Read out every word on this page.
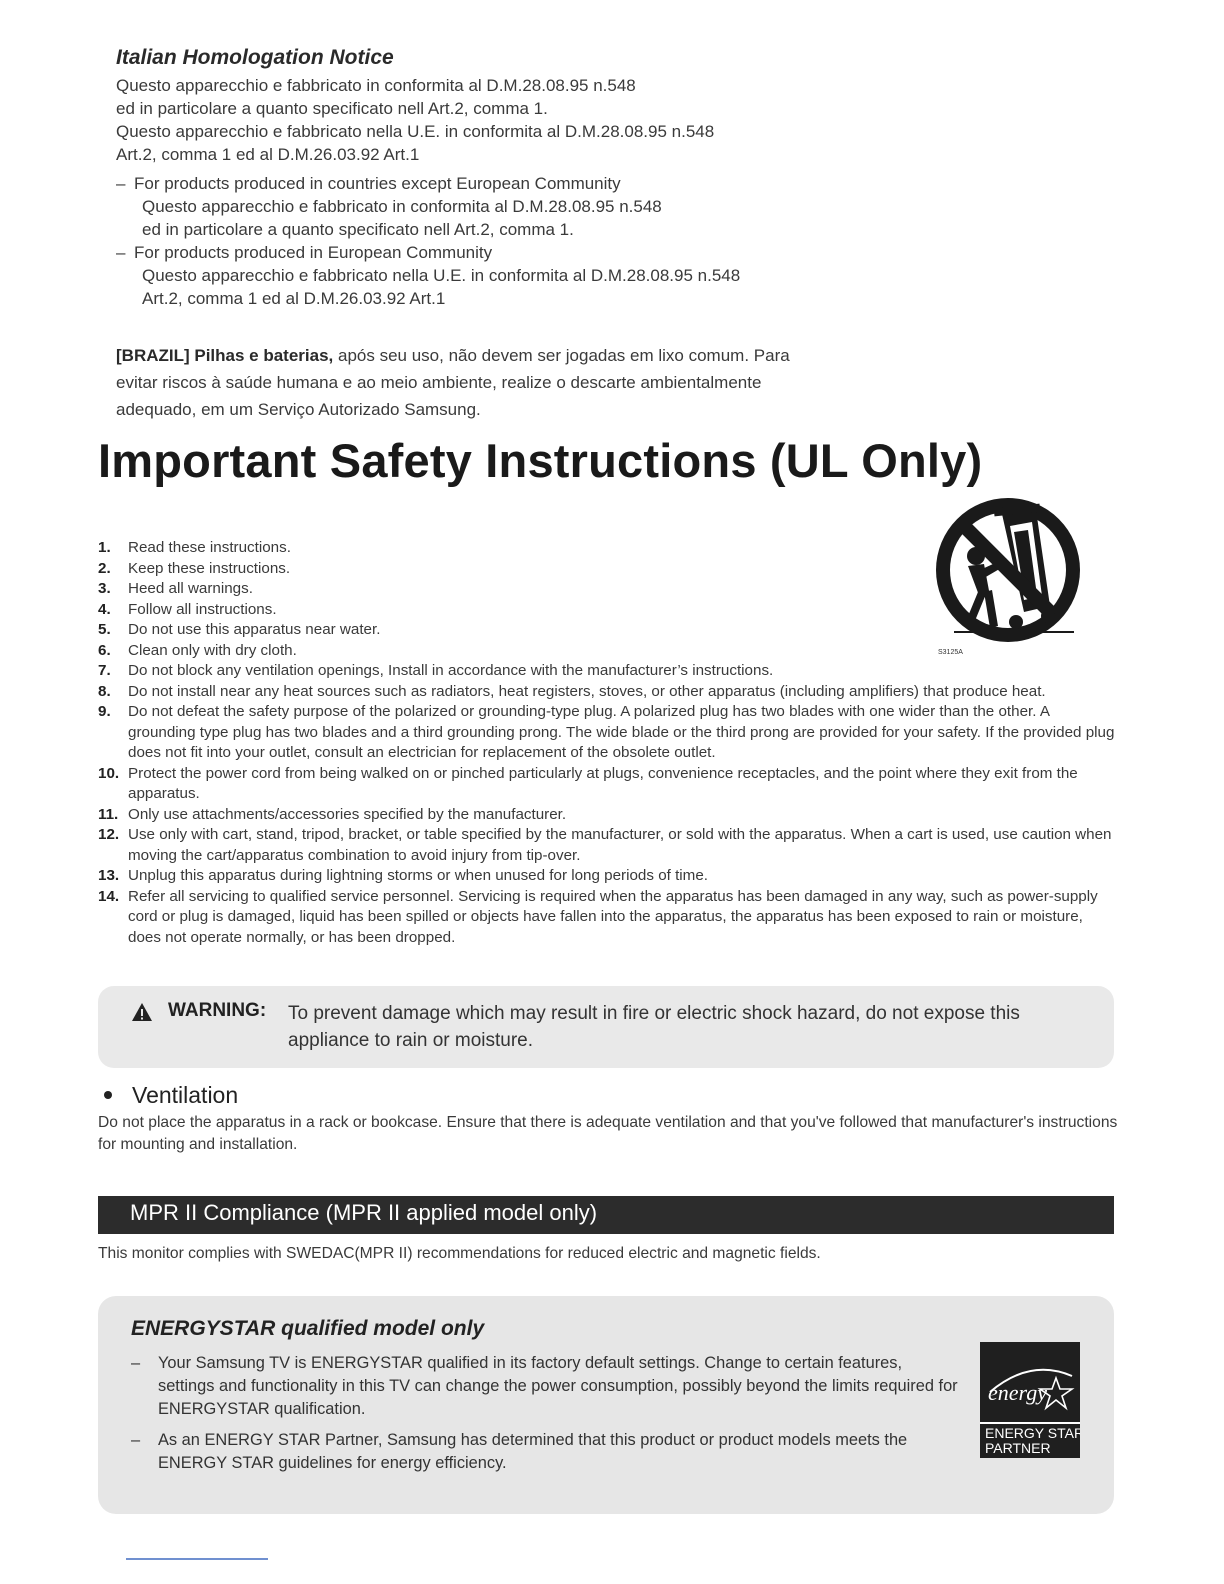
Italian Homologation Notice
Questo apparecchio e fabbricato in conformita al D.M.28.08.95 n.548
ed in particolare a quanto specificato nell Art.2, comma 1.
Questo apparecchio e fabbricato nella U.E. in conformita al D.M.28.08.95 n.548
Art.2, comma 1 ed al D.M.26.03.92 Art.1
– For products produced in countries except European Community
Questo apparecchio e fabbricato in conformita al D.M.28.08.95 n.548
ed in particolare a quanto specificato nell Art.2, comma 1.
– For products produced in European Community
Questo apparecchio e fabbricato nella U.E. in conformita al D.M.28.08.95 n.548
Art.2, comma 1 ed al D.M.26.03.92 Art.1
[BRAZIL] Pilhas e baterias, após seu uso, não devem ser jogadas em lixo comum. Para evitar riscos à saúde humana e ao meio ambiente, realize o descarte ambientalmente adequado, em um Serviço Autorizado Samsung.
Important Safety Instructions (UL Only)
S3125A
1. Read these instructions.
2. Keep these instructions.
3. Heed all warnings.
4. Follow all instructions.
5. Do not use this apparatus near water.
6. Clean only with dry cloth.
7. Do not block any ventilation openings, Install in accordance with the manufacturer’s instructions.
8. Do not install near any heat sources such as radiators, heat registers, stoves, or other apparatus (including amplifiers) that produce heat.
9. Do not defeat the safety purpose of the polarized or grounding-type plug. A polarized plug has two blades with one wider than the other. A grounding type plug has two blades and a third grounding prong. The wide blade or the third prong are provided for your safety. If the provided plug does not fit into your outlet, consult an electrician for replacement of the obsolete outlet.
10. Protect the power cord from being walked on or pinched particularly at plugs, convenience receptacles, and the point where they exit from the apparatus.
11. Only use attachments/accessories specified by the manufacturer.
12. Use only with cart, stand, tripod, bracket, or table specified by the manufacturer, or sold with the apparatus. When a cart is used, use caution when moving the cart/apparatus combination to avoid injury from tip-over.
13. Unplug this apparatus during lightning storms or when unused for long periods of time.
14. Refer all servicing to qualified service personnel. Servicing is required when the apparatus has been damaged in any way, such as power-supply cord or plug is damaged, liquid has been spilled or objects have fallen into the apparatus, the apparatus has been exposed to rain or moisture, does not operate normally, or has been dropped.
WARNING: To prevent damage which may result in fire or electric shock hazard, do not expose this appliance to rain or moisture.
Ventilation
Do not place the apparatus in a rack or bookcase. Ensure that there is adequate ventilation and that you've followed that manufacturer's instructions for mounting and installation.
MPR II Compliance (MPR II applied model only)
This monitor complies with SWEDAC(MPR II) recommendations for reduced electric and magnetic fields.
ENERGYSTAR qualified model only
– Your Samsung TV is ENERGYSTAR qualified in its factory default settings. Change to certain features, settings and functionality in this TV can change the power consumption, possibly beyond the limits required for ENERGYSTAR qualification.
– As an ENERGY STAR Partner, Samsung has determined that this product or product models meets the ENERGY STAR guidelines for energy efficiency.
energy
ENERGY STAR
PARTNER
